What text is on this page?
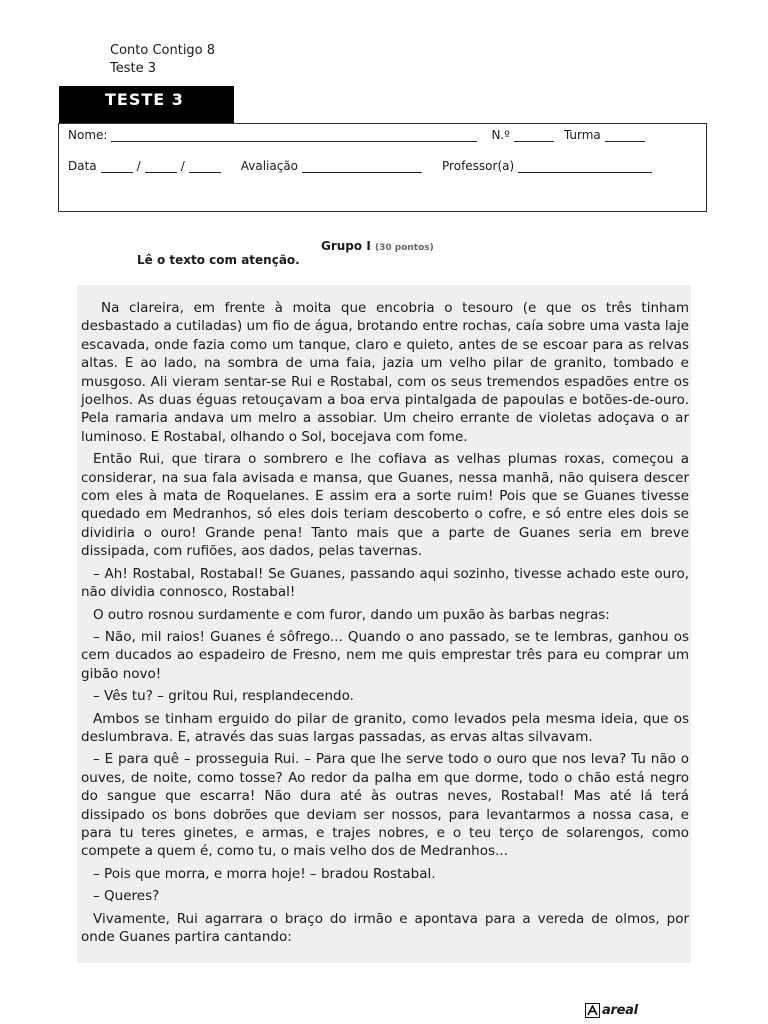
Conto Contigo 8
Teste 3
TESTE 3
Nome:	N.º	Turma
Data	/	/	Avaliação	Professor(a)
Grupo I (30 pontos)
Lê o texto com atenção.

Na clareira, em frente à moita que encobria o tesouro (e que os três tinham desbastado a cutiladas) um fio de água, brotando entre rochas, caía sobre uma vasta laje escavada, onde fazia como um tanque, claro e quieto, antes de se escoar para as relvas altas. E ao lado, na sombra de uma faia, jazia um velho pilar de granito, tombado e musgoso. Ali vieram sentar-se Rui e Rostabal, com os seus tremendos espadões entre os joelhos. As duas éguas retouçavam a boa erva pintalgada de papoulas e botões-de-ouro. Pela ramaria andava um melro a assobiar. Um cheiro errante de violetas adoçava o ar luminoso. E Rostabal, olhando o Sol, bocejava com fome.

Então Rui, que tirara o sombrero e lhe cofiava as velhas plumas roxas, começou a considerar, na sua fala avisada e mansa, que Guanes, nessa manhã, não quisera descer com eles à mata de Roquelanes. E assim era a sorte ruim! Pois que se Guanes tivesse quedado em Medranhos, só eles dois teriam descoberto o cofre, e só entre eles dois se dividiria o ouro! Grande pena! Tanto mais que a parte de Guanes seria em breve dissipada, com rufiões, aos dados, pelas tavernas.

– Ah! Rostabal, Rostabal! Se Guanes, passando aqui sozinho, tivesse achado este ouro, não dividia connosco, Rostabal!

O outro rosnou surdamente e com furor, dando um puxão às barbas negras:

– Não, mil raios! Guanes é sôfrego... Quando o ano passado, se te lembras, ganhou os cem ducados ao espadeiro de Fresno, nem me quis emprestar três para eu comprar um gibão novo!

– Vês tu? – gritou Rui, resplandecendo.

Ambos se tinham erguido do pilar de granito, como levados pela mesma ideia, que os deslumbrava. E, através das suas largas passadas, as ervas altas silvavam.

– E para quê – prosseguia Rui. – Para que lhe serve todo o ouro que nos leva? Tu não o ouves, de noite, como tosse? Ao redor da palha em que dorme, todo o chão está negro do sangue que escarra! Não dura até às outras neves, Rostabal! Mas até lá terá dissipado os bons dobrões que deviam ser nossos, para levantarmos a nossa casa, e para tu teres ginetes, e armas, e trajes nobres, e o teu terço de solarengos, como compete a quem é, como tu, o mais velho dos de Medranhos...

– Pois que morra, e morra hoje! – bradou Rostabal.

– Queres?

Vivamente, Rui agarrara o braço do irmão e apontava para a vereda de olmos, por onde Guanes partira cantando:

areal
